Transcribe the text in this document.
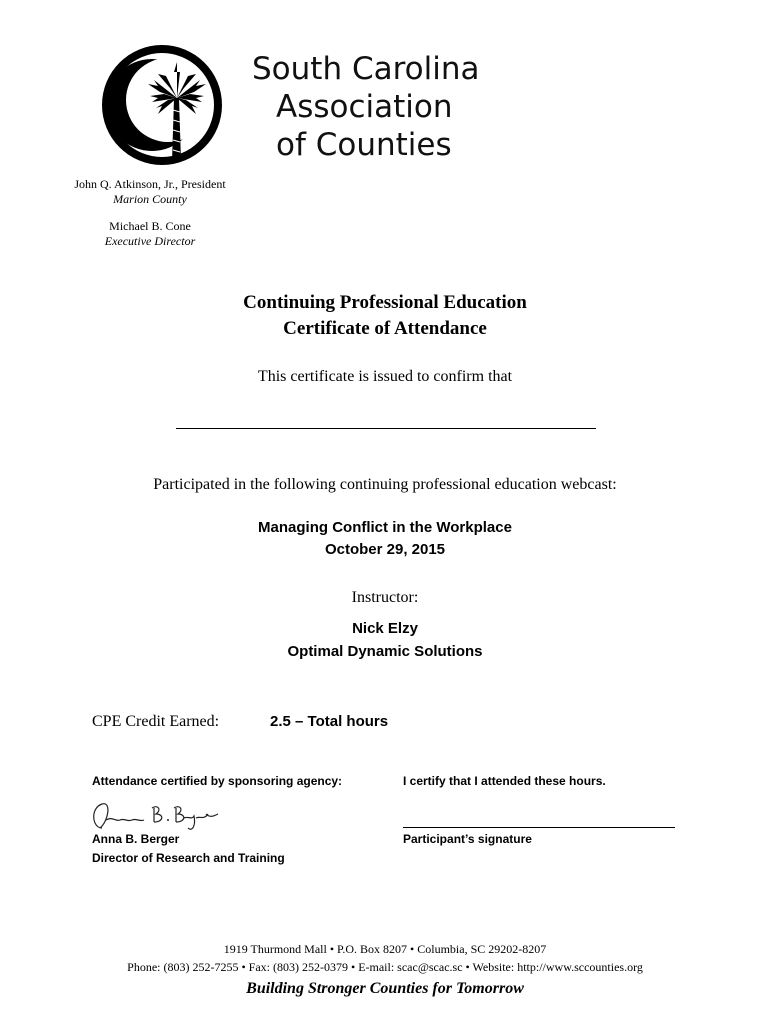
South Carolina
Association
of Counties
John Q. Atkinson, Jr., President
Marion County
Michael B. Cone
Executive Director
Continuing Professional Education
Certificate of Attendance
This certificate is issued to confirm that
Participated in the following continuing professional education webcast:
Managing Conflict in the Workplace
October 29, 2015
Instructor:
Nick Elzy
Optimal Dynamic Solutions
CPE Credit Earned:	2.5 – Total hours
Attendance certified by sponsoring agency:	I certify that I attended these hours.
Anna B. Berger
Director of Research and Training
Participant’s signature
1919 Thurmond Mall • P.O. Box 8207 • Columbia, SC 29202-8207
Phone: (803) 252-7255 • Fax: (803) 252-0379 • E-mail: scac@scac.sc • Website: http://www.sccounties.org
Building Stronger Counties for Tomorrow
